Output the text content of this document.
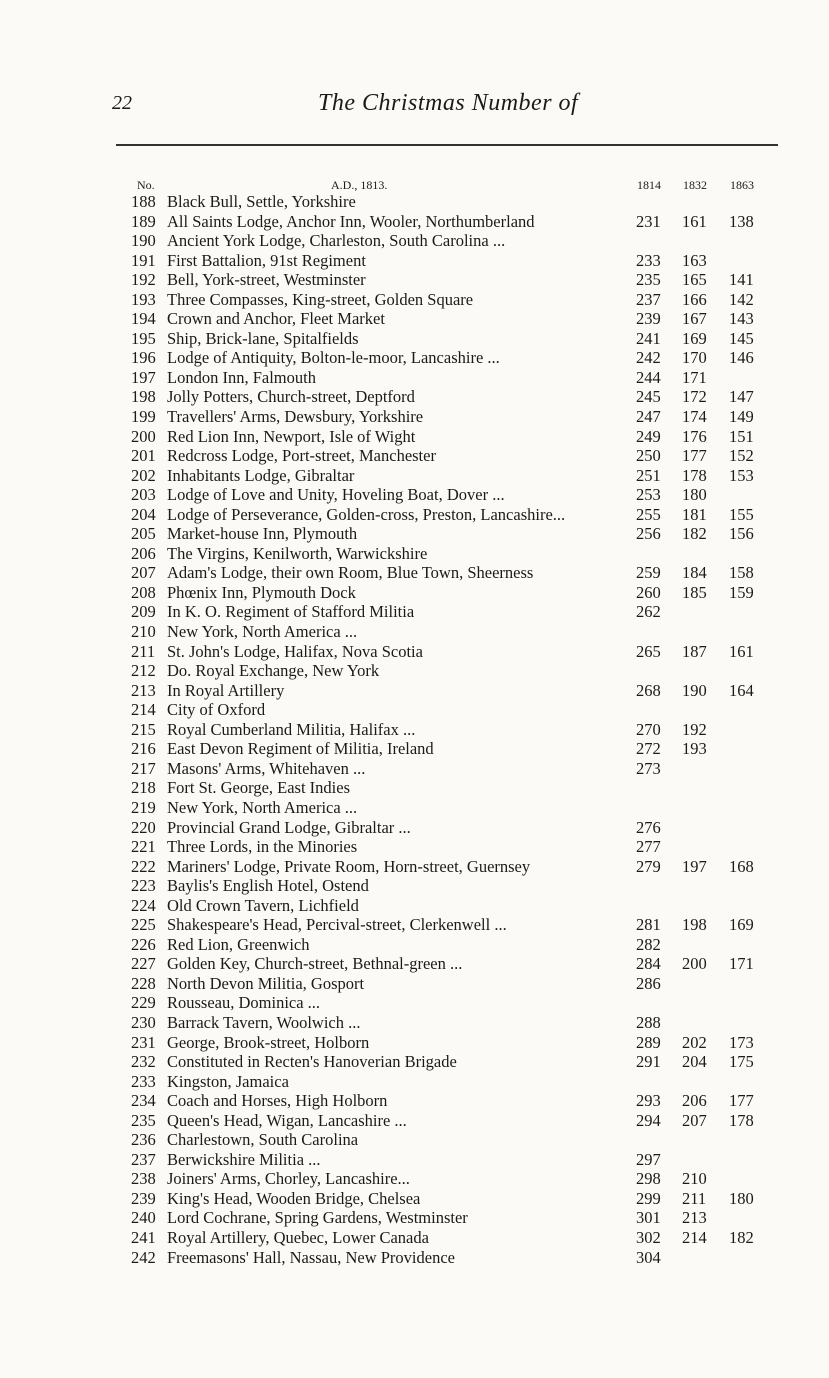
22	The Christmas Number of
No.	A.D., 1813.	1814 1832 1863
188 Black Bull, Settle, Yorkshire
189 All Saints Lodge, Anchor Inn, Wooler, Northumberland	231 161 138
190 Ancient York Lodge, Charleston, South Carolina ...
191 First Battalion, 91st Regiment	233 163
192 Bell, York-street, Westminster	235 165 141
193 Three Compasses, King-street, Golden Square	237 166 142
194 Crown and Anchor, Fleet Market	239 167 143
195 Ship, Brick-lane, Spitalfields	241 169 145
196 Lodge of Antiquity, Bolton-le-moor, Lancashire ...	242 170 146
197 London Inn, Falmouth	244 171
198 Jolly Potters, Church-street, Deptford	245 172 147
199 Travellers' Arms, Dewsbury, Yorkshire	247 174 149
200 Red Lion Inn, Newport, Isle of Wight	249 176 151
201 Redcross Lodge, Port-street, Manchester	250 177 152
202 Inhabitants Lodge, Gibraltar	251 178 153
203 Lodge of Love and Unity, Hoveling Boat, Dover ...	253 180
204 Lodge of Perseverance, Golden-cross, Preston, Lancashire...	255 181 155
205 Market-house Inn, Plymouth	256 182 156
206 The Virgins, Kenilworth, Warwickshire
207 Adam's Lodge, their own Room, Blue Town, Sheerness	259 184 158
208 Phœnix Inn, Plymouth Dock	260 185 159
209 In K. O. Regiment of Stafford Militia	262
210 New York, North America ...
211 St. John's Lodge, Halifax, Nova Scotia	265 187 161
212 Do. Royal Exchange, New York
213 In Royal Artillery	268 190 164
214 City of Oxford
215 Royal Cumberland Militia, Halifax ...	270 192
216 East Devon Regiment of Militia, Ireland	272 193
217 Masons' Arms, Whitehaven ...	273
218 Fort St. George, East Indies
219 New York, North America ...
220 Provincial Grand Lodge, Gibraltar ...	276
221 Three Lords, in the Minories	277
222 Mariners' Lodge, Private Room, Horn-street, Guernsey	279 197 168
223 Baylis's English Hotel, Ostend
224 Old Crown Tavern, Lichfield
225 Shakespeare's Head, Percival-street, Clerkenwell ...	281 198 169
226 Red Lion, Greenwich	282
227 Golden Key, Church-street, Bethnal-green ...	284 200 171
228 North Devon Militia, Gosport	286
229 Rousseau, Dominica ...
230 Barrack Tavern, Woolwich ...	288
231 George, Brook-street, Holborn	289 202 173
232 Constituted in Recten's Hanoverian Brigade	291 204 175
233 Kingston, Jamaica
234 Coach and Horses, High Holborn	293 206 177
235 Queen's Head, Wigan, Lancashire ...	294 207 178
236 Charlestown, South Carolina
237 Berwickshire Militia ...	297
238 Joiners' Arms, Chorley, Lancashire...	298 210
239 King's Head, Wooden Bridge, Chelsea	299 211 180
240 Lord Cochrane, Spring Gardens, Westminster	301 213
241 Royal Artillery, Quebec, Lower Canada	302 214 182
242 Freemasons' Hall, Nassau, New Providence	304
